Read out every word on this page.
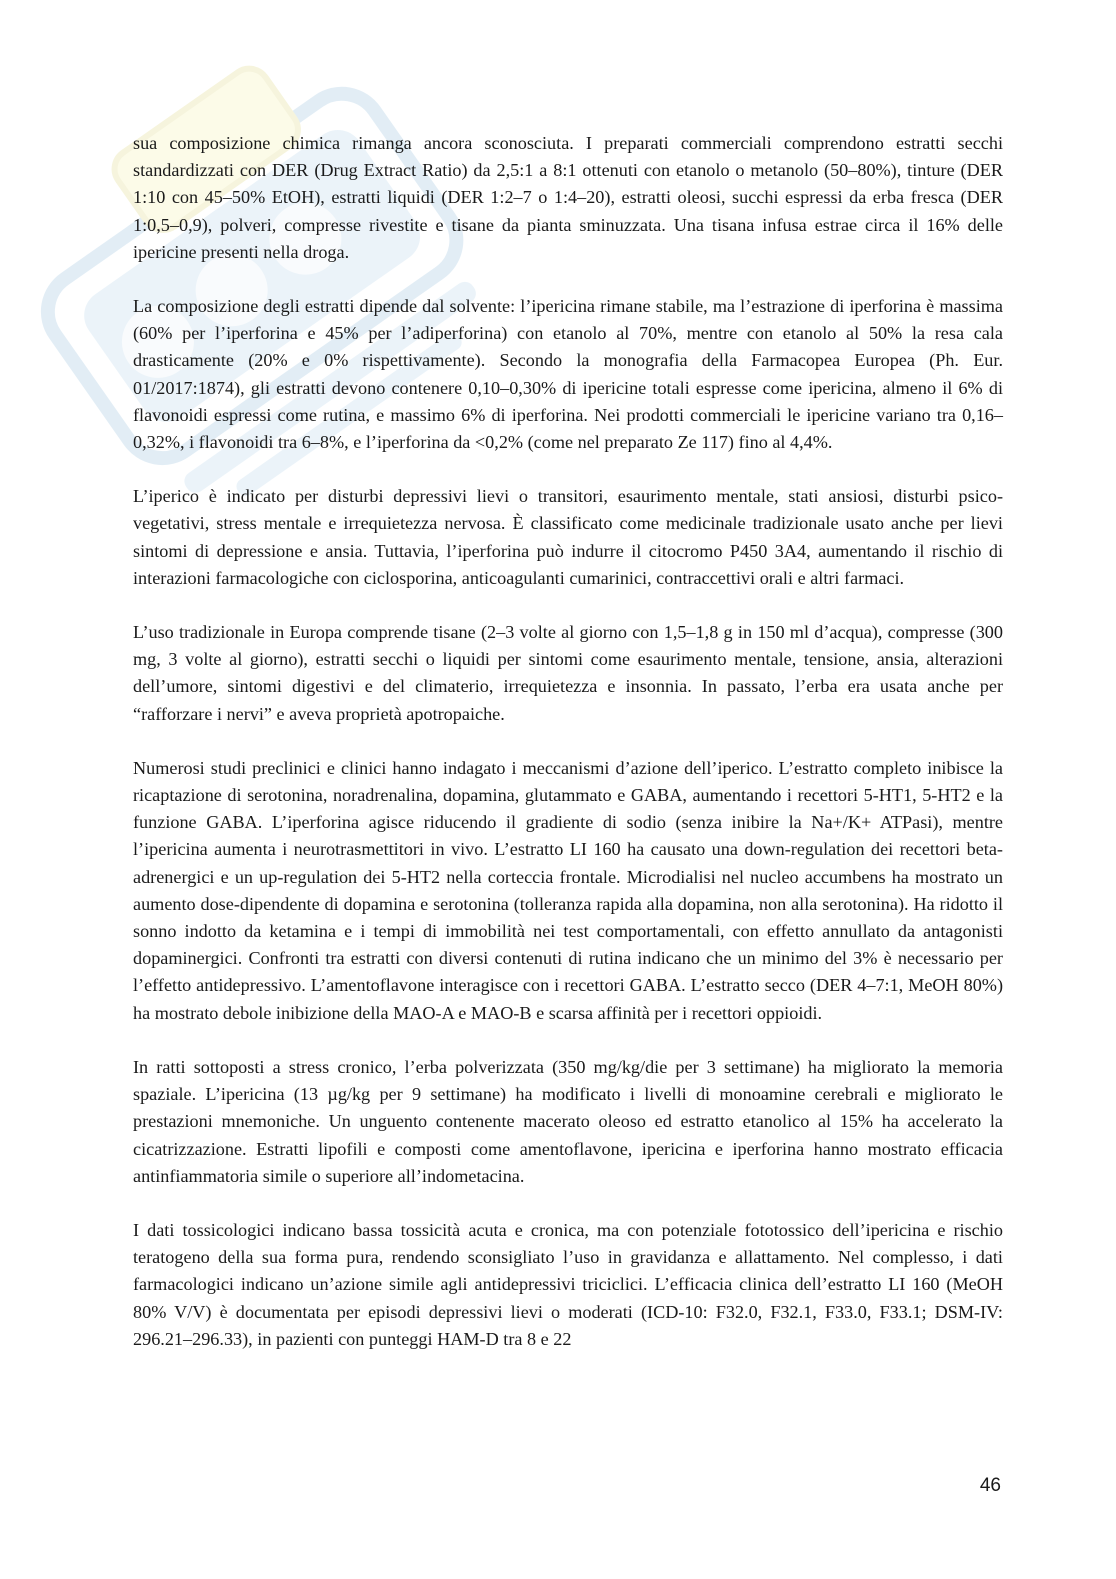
sua composizione chimica rimanga ancora sconosciuta. I preparati commerciali comprendono estratti secchi standardizzati con DER (Drug Extract Ratio) da 2,5:1 a 8:1 ottenuti con etanolo o metanolo (50–80%), tinture (DER 1:10 con 45–50% EtOH), estratti liquidi (DER 1:2–7 o 1:4–20), estratti oleosi, succhi espressi da erba fresca (DER 1:0,5–0,9), polveri, compresse rivestite e tisane da pianta sminuzzata. Una tisana infusa estrae circa il 16% delle ipericine presenti nella droga.

La composizione degli estratti dipende dal solvente: l’ipericina rimane stabile, ma l’estrazione di iperforina è massima (60% per l’iperforina e 45% per l’adiperforina) con etanolo al 70%, mentre con etanolo al 50% la resa cala drasticamente (20% e 0% rispettivamente). Secondo la monografia della Farmacopea Europea (Ph. Eur. 01/2017:1874), gli estratti devono contenere 0,10–0,30% di ipericine totali espresse come ipericina, almeno il 6% di flavonoidi espressi come rutina, e massimo 6% di iperforina. Nei prodotti commerciali le ipericine variano tra 0,16–0,32%, i flavonoidi tra 6–8%, e l’iperforina da <0,2% (come nel preparato Ze 117) fino al 4,4%.

L’iperico è indicato per disturbi depressivi lievi o transitori, esaurimento mentale, stati ansiosi, disturbi psico-vegetativi, stress mentale e irrequietezza nervosa. È classificato come medicinale tradizionale usato anche per lievi sintomi di depressione e ansia. Tuttavia, l’iperforina può indurre il citocromo P450 3A4, aumentando il rischio di interazioni farmacologiche con ciclosporina, anticoagulanti cumarinici, contraccettivi orali e altri farmaci.

L’uso tradizionale in Europa comprende tisane (2–3 volte al giorno con 1,5–1,8 g in 150 ml d’acqua), compresse (300 mg, 3 volte al giorno), estratti secchi o liquidi per sintomi come esaurimento mentale, tensione, ansia, alterazioni dell’umore, sintomi digestivi e del climaterio, irrequietezza e insonnia. In passato, l’erba era usata anche per “rafforzare i nervi” e aveva proprietà apotropaiche.

Numerosi studi preclinici e clinici hanno indagato i meccanismi d’azione dell’iperico. L’estratto completo inibisce la ricaptazione di serotonina, noradrenalina, dopamina, glutammato e GABA, aumentando i recettori 5-HT1, 5-HT2 e la funzione GABA. L’iperforina agisce riducendo il gradiente di sodio (senza inibire la Na+/K+ ATPasi), mentre l’ipericina aumenta i neurotrasmettitori in vivo. L’estratto LI 160 ha causato una down-regulation dei recettori beta-adrenergici e un up-regulation dei 5-HT2 nella corteccia frontale. Microdialisi nel nucleo accumbens ha mostrato un aumento dose-dipendente di dopamina e serotonina (tolleranza rapida alla dopamina, non alla serotonina). Ha ridotto il sonno indotto da ketamina e i tempi di immobilità nei test comportamentali, con effetto annullato da antagonisti dopaminergici. Confronti tra estratti con diversi contenuti di rutina indicano che un minimo del 3% è necessario per l’effetto antidepressivo. L’amentoflavone interagisce con i recettori GABA. L’estratto secco (DER 4–7:1, MeOH 80%) ha mostrato debole inibizione della MAO-A e MAO-B e scarsa affinità per i recettori oppioidi.

In ratti sottoposti a stress cronico, l’erba polverizzata (350 mg/kg/die per 3 settimane) ha migliorato la memoria spaziale. L’ipericina (13 µg/kg per 9 settimane) ha modificato i livelli di monoamine cerebrali e migliorato le prestazioni mnemoniche. Un unguento contenente macerato oleoso ed estratto etanolico al 15% ha accelerato la cicatrizzazione. Estratti lipofili e composti come amentoflavone, ipericina e iperforina hanno mostrato efficacia antinfiammatoria simile o superiore all’indometacina.

I dati tossicologici indicano bassa tossicità acuta e cronica, ma con potenziale fototossico dell’ipericina e rischio teratogeno della sua forma pura, rendendo sconsigliato l’uso in gravidanza e allattamento. Nel complesso, i dati farmacologici indicano un’azione simile agli antidepressivi triciclici. L’efficacia clinica dell’estratto LI 160 (MeOH 80% V/V) è documentata per episodi depressivi lievi o moderati (ICD-10: F32.0, F32.1, F33.0, F33.1; DSM-IV: 296.21–296.33), in pazienti con punteggi HAM-D tra 8 e 22

46
